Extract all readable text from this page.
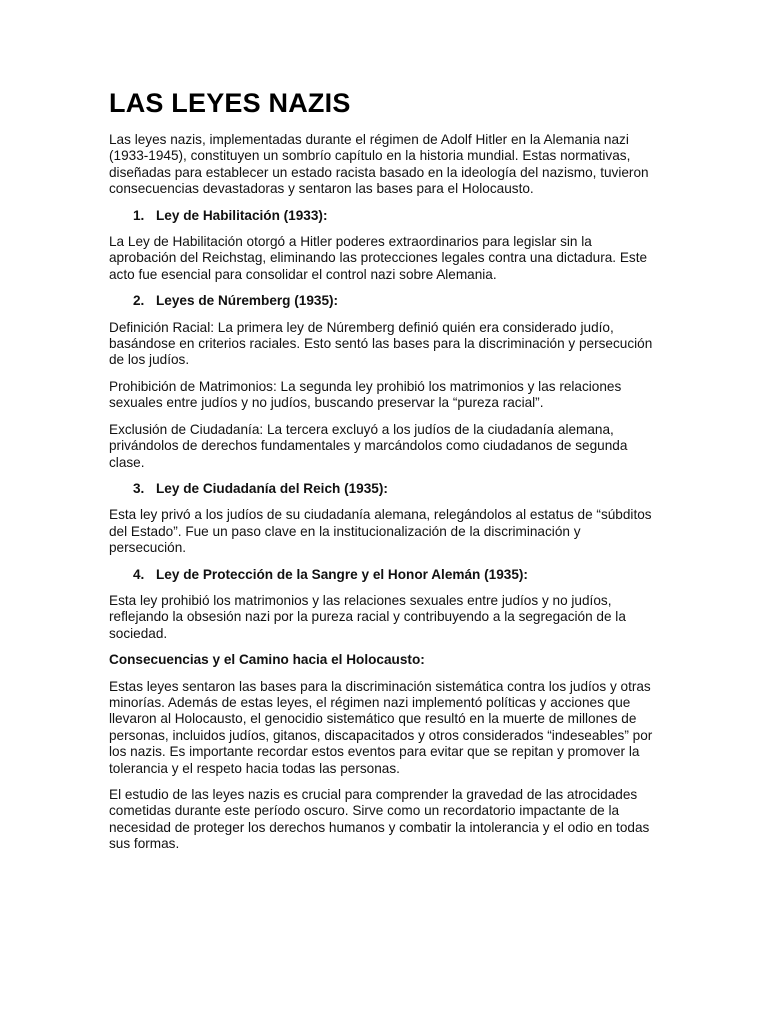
LAS LEYES NAZIS

Las leyes nazis, implementadas durante el régimen de Adolf Hitler en la Alemania nazi (1933-1945), constituyen un sombrío capítulo en la historia mundial. Estas normativas, diseñadas para establecer un estado racista basado en la ideología del nazismo, tuvieron consecuencias devastadoras y sentaron las bases para el Holocausto.

1. Ley de Habilitación (1933):

La Ley de Habilitación otorgó a Hitler poderes extraordinarios para legislar sin la aprobación del Reichstag, eliminando las protecciones legales contra una dictadura. Este acto fue esencial para consolidar el control nazi sobre Alemania.

2. Leyes de Núremberg (1935):

Definición Racial: La primera ley de Núremberg definió quién era considerado judío, basándose en criterios raciales. Esto sentó las bases para la discriminación y persecución de los judíos.

Prohibición de Matrimonios: La segunda ley prohibió los matrimonios y las relaciones sexuales entre judíos y no judíos, buscando preservar la “pureza racial”.

Exclusión de Ciudadanía: La tercera excluyó a los judíos de la ciudadanía alemana, privándolos de derechos fundamentales y marcándolos como ciudadanos de segunda clase.

3. Ley de Ciudadanía del Reich (1935):

Esta ley privó a los judíos de su ciudadanía alemana, relegándolos al estatus de “súbditos del Estado”. Fue un paso clave en la institucionalización de la discriminación y persecución.

4. Ley de Protección de la Sangre y el Honor Alemán (1935):

Esta ley prohibió los matrimonios y las relaciones sexuales entre judíos y no judíos, reflejando la obsesión nazi por la pureza racial y contribuyendo a la segregación de la sociedad.

Consecuencias y el Camino hacia el Holocausto:

Estas leyes sentaron las bases para la discriminación sistemática contra los judíos y otras minorías. Además de estas leyes, el régimen nazi implementó políticas y acciones que llevaron al Holocausto, el genocidio sistemático que resultó en la muerte de millones de personas, incluidos judíos, gitanos, discapacitados y otros considerados “indeseables” por los nazis. Es importante recordar estos eventos para evitar que se repitan y promover la tolerancia y el respeto hacia todas las personas.

El estudio de las leyes nazis es crucial para comprender la gravedad de las atrocidades cometidas durante este período oscuro. Sirve como un recordatorio impactante de la necesidad de proteger los derechos humanos y combatir la intolerancia y el odio en todas sus formas.
